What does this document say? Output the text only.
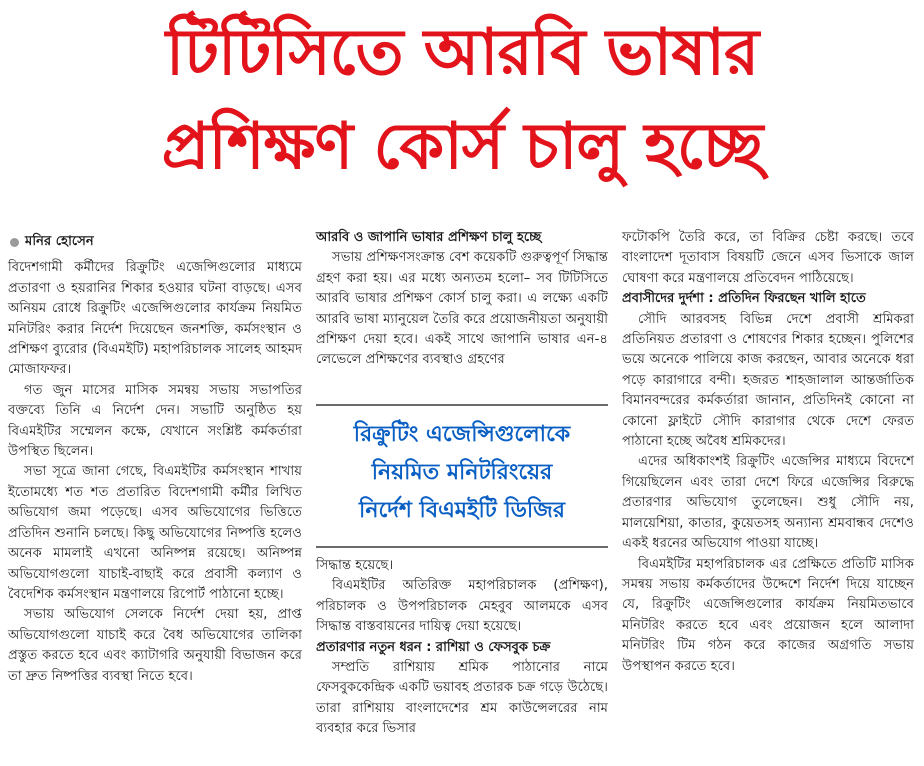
টিটিসিতে আরবি ভাষার
প্রশিক্ষণ কোর্স চালু হচ্ছে
মনির হোসেন

বিদেশগামী কর্মীদের রিক্রুটিং এজেন্সিগুলোর মাধ্যমে প্রতারণা ও হয়রানির শিকার হওয়ার ঘটনা বাড়ছে। এসব অনিয়ম রোধে রিক্রুটিং এজেন্সিগুলোর কার্যক্রম নিয়মিত মনিটরিং করার নির্দেশ দিয়েছেন জনশক্তি, কর্মসংস্থান ও প্রশিক্ষণ ব্যুরোর (বিএমইটি) মহাপরিচালক সালেহ আহমদ মোজাফফর।

গত জুন মাসের মাসিক সমন্বয় সভায় সভাপতির বক্তব্যে তিনি এ নির্দেশ দেন। সভাটি অনুষ্ঠিত হয় বিএমইটির সম্মেলন কক্ষে, যেখানে সংশ্লিষ্ট কর্মকর্তারা উপস্থিত ছিলেন।

সভা সূত্রে জানা গেছে, বিএমইটির কর্মসংস্থান শাখায় ইতোমধ্যে শত শত প্রতারিত বিদেশগামী কর্মীর লিখিত অভিযোগ জমা পড়েছে। এসব অভিযোগের ভিত্তিতে প্রতিদিন শুনানি চলছে। কিছু অভিযোগের নিষ্পত্তি হলেও অনেক মামলাই এখনো অনিষ্পন্ন রয়েছে। অনিষ্পন্ন অভিযোগগুলো যাচাই-বাছাই করে প্রবাসী কল্যাণ ও বৈদেশিক কর্মসংস্থান মন্ত্রণালয়ে রিপোর্ট পাঠানো হচ্ছে।

সভায় অভিযোগ সেলকে নির্দেশ দেয়া হয়, প্রাপ্ত অভিযোগগুলো যাচাই করে বৈধ অভিযোগের তালিকা প্রস্তুত করতে হবে এবং ক্যাটাগরি অনুযায়ী বিভাজন করে তা দ্রুত নিষ্পত্তির ব্যবস্থা নিতে হবে।

আরবি ও জাপানি ভাষার প্রশিক্ষণ চালু হচ্ছে

সভায় প্রশিক্ষণসংক্রান্ত বেশ কয়েকটি গুরুত্বপূর্ণ সিদ্ধান্ত গ্রহণ করা হয়। এর মধ্যে অন্যতম হলো– সব টিটিসিতে আরবি ভাষার প্রশিক্ষণ কোর্স চালু করা। এ লক্ষ্যে একটি আরবি ভাষা ম্যানুয়েল তৈরি করে প্রয়োজনীয়তা অনুযায়ী প্রশিক্ষণ দেয়া হবে। একই সাথে জাপানি ভাষার এন-৪ লেভেলে প্রশিক্ষণের ব্যবস্থাও গ্রহণের

রিক্রুটিং এজেন্সিগুলোকে
নিয়মিত মনিটরিংয়ের
নির্দেশ বিএমইটি ডিজির

সিদ্ধান্ত হয়েছে।

বিএমইটির অতিরিক্ত মহাপরিচালক (প্রশিক্ষণ), পরিচালক ও উপপরিচালক মেহবুব আলমকে এসব সিদ্ধান্ত বাস্তবায়নের দায়িত্ব দেয়া হয়েছে।

প্রতারণার নতুন ধরন : রাশিয়া ও ফেসবুক চক্র

সম্প্রতি রাশিয়ায় শ্রমিক পাঠানোর নামে ফেসবুককেন্দ্রিক একটি ভয়াবহ প্রতারক চক্র গড়ে উঠেছে। তারা রাশিয়ায় বাংলাদেশের শ্রম কাউন্সেলরের নাম ব্যবহার করে ভিসার

ফটোকপি তৈরি করে, তা বিক্রির চেষ্টা করছে। তবে বাংলাদেশ দূতাবাস বিষয়টি জেনে এসব ভিসাকে জাল ঘোষণা করে মন্ত্রণালয়ে প্রতিবেদন পাঠিয়েছে।

প্রবাসীদের দুর্দশা : প্রতিদিন ফিরছেন খালি হাতে

সৌদি আরবসহ বিভিন্ন দেশে প্রবাসী শ্রমিকরা প্রতিনিয়ত প্রতারণা ও শোষণের শিকার হচ্ছেন। পুলিশের ভয়ে অনেকে পালিয়ে কাজ করছেন, আবার অনেকে ধরা পড়ে কারাগারে বন্দী। হজরত শাহজালাল আন্তর্জাতিক বিমানবন্দরের কর্মকর্তারা জানান, প্রতিদিনই কোনো না কোনো ফ্লাইটে সৌদি কারাগার থেকে দেশে ফেরত পাঠানো হচ্ছে অবৈধ শ্রমিকদের।

এদের অধিকাংশই রিক্রুটিং এজেন্সির মাধ্যমে বিদেশে গিয়েছিলেন এবং তারা দেশে ফিরে এজেন্সির বিরুদ্ধে প্রতারণার অভিযোগ তুলেছেন। শুধু সৌদি নয়, মালয়েশিয়া, কাতার, কুয়েতসহ অন্যান্য শ্রমবান্ধব দেশেও একই ধরনের অভিযোগ পাওয়া যাচ্ছে।

বিএমইটির মহাপরিচালক এর প্রেক্ষিতে প্রতিটি মাসিক সমন্বয় সভায় কর্মকর্তাদের উদ্দেশে নির্দেশ দিয়ে যাচ্ছেন যে, রিক্রুটিং এজেন্সিগুলোর কার্যক্রম নিয়মিতভাবে মনিটরিং করতে হবে এবং প্রয়োজন হলে আলাদা মনিটরিং টিম গঠন করে কাজের অগ্রগতি সভায় উপস্থাপন করতে হবে।
